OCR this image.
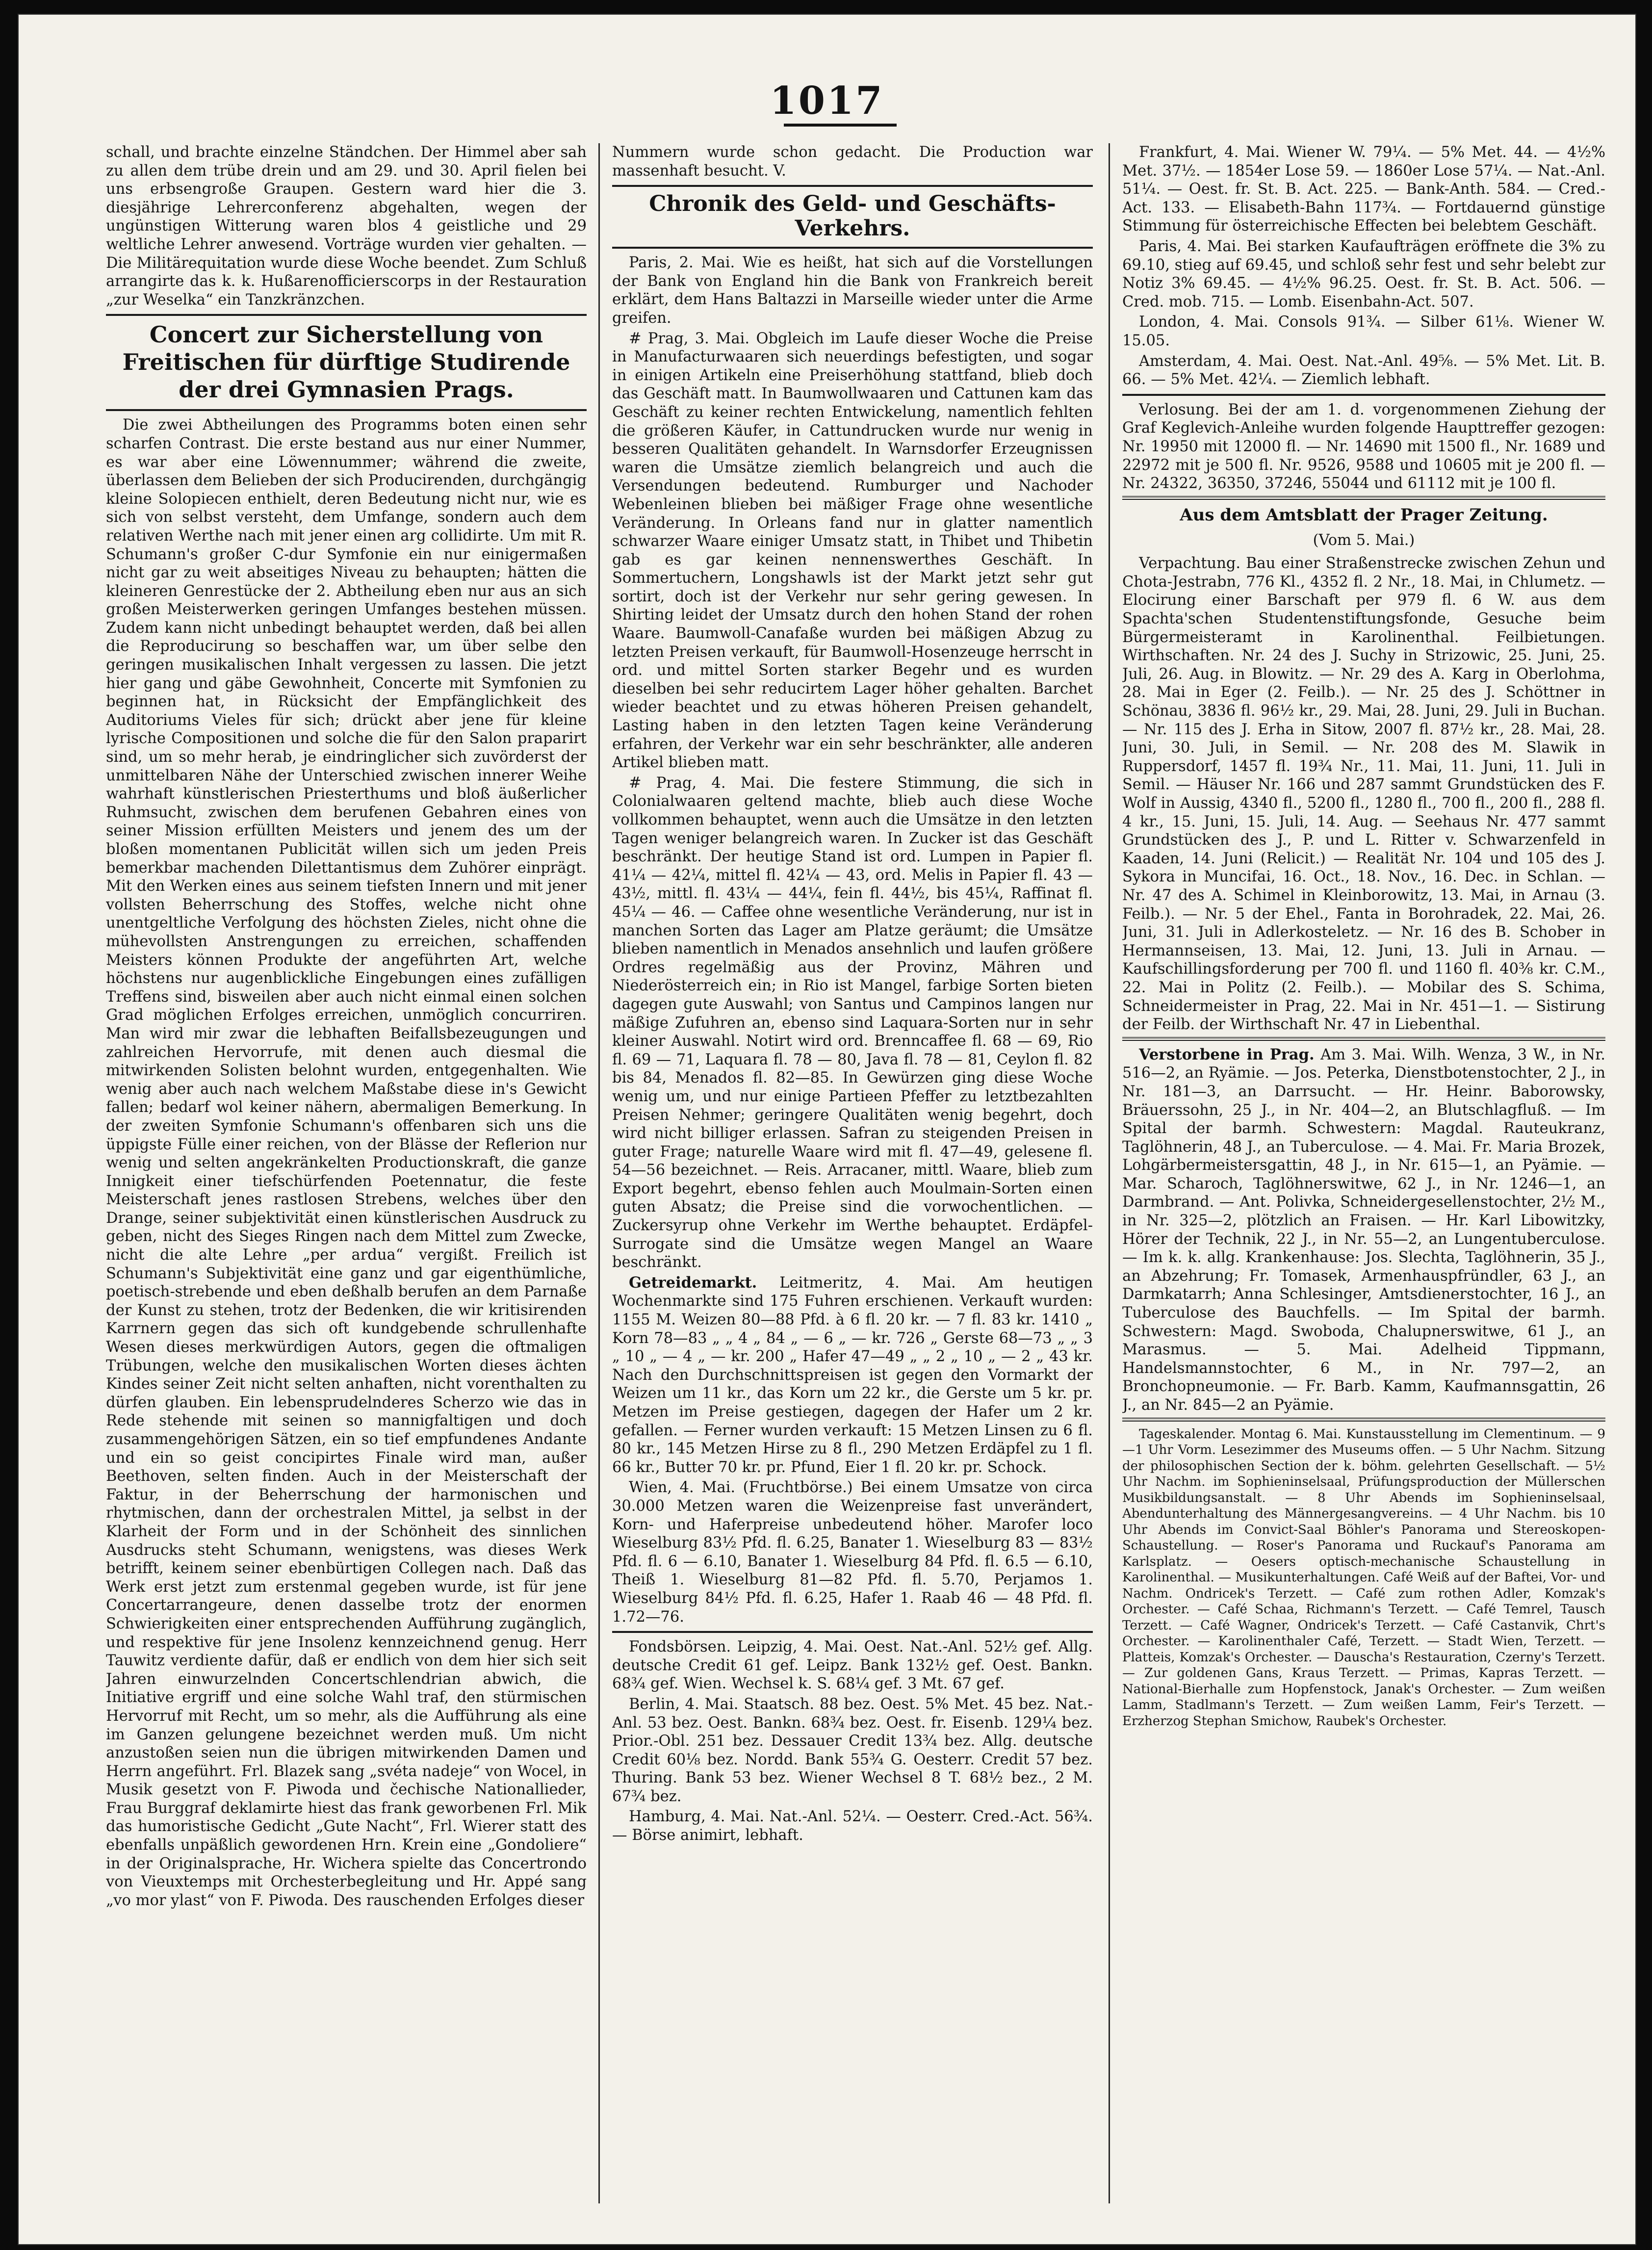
1017

schall, und brachte einzelne Ständchen. Der Himmel aber sah zu allen dem trübe drein und am 29. und 30. April fielen bei uns erbsengroße Graupen. Gestern ward hier die 3. diesjährige Lehrerconferenz abgehalten, wegen der ungünstigen Witterung waren blos 4 geistliche und 29 weltliche Lehrer anwesend. Vorträge wurden vier gehalten. — Die Militärequitation wurde diese Woche beendet. Zum Schluß arrangirte das k. k. Hußarenofficierscorps in der Restauration „zur Weselka“ ein Tanzkränzchen.

Concert zur Sicherstellung von Freitischen für dürftige Studirende der drei Gymnasien Prags.

Die zwei Abtheilungen des Programms boten einen sehr scharfen Contrast. Die erste bestand aus nur einer Nummer, es war aber eine Löwennummer; während die zweite, überlassen dem Belieben der sich Producirenden, durchgängig kleine Solopiecen enthielt, deren Bedeutung nicht nur, wie es sich von selbst versteht, dem Umfange, sondern auch dem relativen Werthe nach mit jener einen arg collidirte. Um mit R. Schumann's großer C-dur Symfonie ein nur einigermaßen nicht gar zu weit abseitiges Niveau zu behaupten; hätten die kleineren Genrestücke der 2. Abtheilung eben nur aus an sich großen Meisterwerken geringen Umfanges bestehen müssen. Zudem kann nicht unbedingt behauptet werden, daß bei allen die Reproducirung so beschaffen war, um über selbe den geringen musikalischen Inhalt vergessen zu lassen. Die jetzt hier gang und gäbe Gewohnheit, Concerte mit Symfonien zu beginnen hat, in Rücksicht der Empfänglichkeit des Auditoriums Vieles für sich; drückt aber jene für kleine lyrische Compositionen und solche die für den Salon praparirt sind, um so mehr herab, je eindringlicher sich zuvörderst der unmittelbaren Nähe der Unterschied zwischen innerer Weihe wahrhaft künstlerischen Priesterthums und bloß äußerlicher Ruhmsucht, zwischen dem berufenen Gebahren eines von seiner Mission erfüllten Meisters und jenem des um der bloßen momentanen Publicität willen sich um jeden Preis bemerkbar machenden Dilettantismus dem Zuhörer einprägt. Mit den Werken eines aus seinem tiefsten Innern und mit jener vollsten Beherrschung des Stoffes, welche nicht ohne unentgeltliche Verfolgung des höchsten Zieles, nicht ohne die mühevollsten Anstrengungen zu erreichen, schaffenden Meisters können Produkte der angeführten Art, welche höchstens nur augenblickliche Eingebungen eines zufälligen Treffens sind, bisweilen aber auch nicht einmal einen solchen Grad möglichen Erfolges erreichen, unmöglich concurriren. Man wird mir zwar die lebhaften Beifallsbezeugungen und zahlreichen Hervorrufe, mit denen auch diesmal die mitwirkenden Solisten belohnt wurden, entgegenhalten. Wie wenig aber auch nach welchem Maßstabe diese in's Gewicht fallen; bedarf wol keiner nähern, abermaligen Bemerkung. In der zweiten Symfonie Schumann's offenbaren sich uns die üppigste Fülle einer reichen, von der Blässe der Reflerion nur wenig und selten angekränkelten Productionskraft, die ganze Innigkeit einer tiefschürfenden Poetennatur, die feste Meisterschaft jenes rastlosen Strebens, welches über den Drange, seiner subjektivität einen künstlerischen Ausdruck zu geben, nicht des Sieges Ringen nach dem Mittel zum Zwecke, nicht die alte Lehre „per ardua“ vergißt. Freilich ist Schumann's Subjektivität eine ganz und gar eigenthümliche, poetisch-strebende und eben deßhalb berufen an dem Parnaße der Kunst zu stehen, trotz der Bedenken, die wir kritisirenden Karrnern gegen das sich oft kundgebende schrullenhafte Wesen dieses merkwürdigen Autors, gegen die oftmaligen Trübungen, welche den musikalischen Worten dieses ächten Kindes seiner Zeit nicht selten anhaften, nicht vorenthalten zu dürfen glauben. Ein lebensprudelnderes Scherzo wie das in Rede stehende mit seinen so mannigfaltigen und doch zusammengehörigen Sätzen, ein so tief empfundenes Andante und ein so geist concipirtes Finale wird man, außer Beethoven, selten finden. Auch in der Meisterschaft der Faktur, in der Beherrschung der harmonischen und rhytmischen, dann der orchestralen Mittel, ja selbst in der Klarheit der Form und in der Schönheit des sinnlichen Ausdrucks steht Schumann, wenigstens, was dieses Werk betrifft, keinem seiner ebenbürtigen Collegen nach. Daß das Werk erst jetzt zum erstenmal gegeben wurde, ist für jene Concertarrangeure, denen dasselbe trotz der enormen Schwierigkeiten einer entsprechenden Aufführung zugänglich, und respektive für jene Insolenz kennzeichnend genug. Herr Tauwitz verdiente dafür, daß er endlich von dem hier sich seit Jahren einwurzelnden Concertschlendrian abwich, die Initiative ergriff und eine solche Wahl traf, den stürmischen Hervorruf mit Recht, um so mehr, als die Aufführung als eine im Ganzen gelungene bezeichnet werden muß. Um nicht anzustoßen seien nun die übrigen mitwirkenden Damen und Herrn angeführt. Frl. Blazek sang „svéta nadeje“ von Wocel, in Musik gesetzt von F. Piwoda und čechische Nationallieder, Frau Burggraf deklamirte hiest das frank geworbenen Frl. Mik das humoristische Gedicht „Gute Nacht“, Frl. Wierer statt des ebenfalls unpäßlich gewordenen Hrn. Krein eine „Gondoliere“ in der Originalsprache, Hr. Wichera spielte das Concertrondo von Vieuxtemps mit Orchesterbegleitung und Hr. Appé sang „vo mor ylast“ von F. Piwoda. Des rauschenden Erfolges dieser

Nummern wurde schon gedacht. Die Production war massenhaft besucht. V.

Chronik des Geld- und Geschäfts-Verkehrs.

Paris, 2. Mai. Wie es heißt, hat sich auf die Vorstellungen der Bank von England hin die Bank von Frankreich bereit erklärt, dem Hans Baltazzi in Marseille wieder unter die Arme greifen.

# Prag, 3. Mai. Obgleich im Laufe dieser Woche die Preise in Manufacturwaaren sich neuerdings befestigten, und sogar in einigen Artikeln eine Preiserhöhung stattfand, blieb doch das Geschäft matt. In Baumwollwaaren und Cattunen kam das Geschäft zu keiner rechten Entwickelung, namentlich fehlten die größeren Käufer, in Cattundrucken wurde nur wenig in besseren Qualitäten gehandelt. In Warnsdorfer Erzeugnissen waren die Umsätze ziemlich belangreich und auch die Versendungen bedeutend. Rumburger und Nachoder Webenleinen blieben bei mäßiger Frage ohne wesentliche Veränderung. In Orleans fand nur in glatter namentlich schwarzer Waare einiger Umsatz statt, in Thibet und Thibetin gab es gar keinen nennenswerthes Geschäft. In Sommertuchern, Longshawls ist der Markt jetzt sehr gut sortirt, doch ist der Verkehr nur sehr gering gewesen. In Shirting leidet der Umsatz durch den hohen Stand der rohen Waare. Baumwoll-Canafaße wurden bei mäßigen Abzug zu letzten Preisen verkauft, für Baumwoll-Hosenzeuge herrscht in ord. und mittel Sorten starker Begehr und es wurden dieselben bei sehr reducirtem Lager höher gehalten. Barchet wieder beachtet und zu etwas höheren Preisen gehandelt, Lasting haben in den letzten Tagen keine Veränderung erfahren, der Verkehr war ein sehr beschränkter, alle anderen Artikel blieben matt.

# Prag, 4. Mai. Die festere Stimmung, die sich in Colonialwaaren geltend machte, blieb auch diese Woche vollkommen behauptet, wenn auch die Umsätze in den letzten Tagen weniger belangreich waren. In Zucker ist das Geschäft beschränkt. Der heutige Stand ist ord. Lumpen in Papier fl. 41¼ — 42¼, mittel fl. 42¼ — 43, ord. Melis in Papier fl. 43 — 43½, mittl. fl. 43¼ — 44¼, fein fl. 44½, bis 45¼, Raffinat fl. 45¼ — 46. — Caffee ohne wesentliche Veränderung, nur ist in manchen Sorten das Lager am Platze geräumt; die Umsätze blieben namentlich in Menados ansehnlich und laufen größere Ordres regelmäßig aus der Provinz, Mähren und Niederösterreich ein; in Rio ist Mangel, farbige Sorten bieten dagegen gute Auswahl; von Santus und Campinos langen nur mäßige Zufuhren an, ebenso sind Laquara-Sorten nur in sehr kleiner Auswahl. Notirt wird ord. Brenncaffee fl. 68 — 69, Rio fl. 69 — 71, Laquara fl. 78 — 80, Java fl. 78 — 81, Ceylon fl. 82 bis 84, Menados fl. 82—85. In Gewürzen ging diese Woche wenig um, und nur einige Partieen Pfeffer zu letztbezahlten Preisen Nehmer; geringere Qualitäten wenig begehrt, doch wird nicht billiger erlassen. Safran zu steigenden Preisen in guter Frage; naturelle Waare wird mit fl. 47—49, gelesene fl. 54—56 bezeichnet. — Reis. Arracaner, mittl. Waare, blieb zum Export begehrt, ebenso fehlen auch Moulmain-Sorten einen guten Absatz; die Preise sind die vorwochentlichen. — Zuckersyrup ohne Verkehr im Werthe behauptet. Erdäpfel-Surrogate sind die Umsätze wegen Mangel an Waare beschränkt.

Getreidemarkt. Leitmeritz, 4. Mai. Am heutigen Wochenmarkte sind 175 Fuhren erschienen. Verkauft wurden: 1155 M. Weizen 80—88 Pfd. à 6 fl. 20 kr. — 7 fl. 83 kr. 1410 „ Korn 78—83 „ „ 4 „ 84 „ — 6 „ — kr. 726 „ Gerste 68—73 „ „ 3 „ 10 „ — 4 „ — kr. 200 „ Hafer 47—49 „ „ 2 „ 10 „ — 2 „ 43 kr. Nach den Durchschnittspreisen ist gegen den Vormarkt der Weizen um 11 kr., das Korn um 22 kr., die Gerste um 5 kr. pr. Metzen im Preise gestiegen, dagegen der Hafer um 2 kr. gefallen. — Ferner wurden verkauft: 15 Metzen Linsen zu 6 fl. 80 kr., 145 Metzen Hirse zu 8 fl., 290 Metzen Erdäpfel zu 1 fl. 66 kr., Butter 70 kr. pr. Pfund, Eier 1 fl. 20 kr. pr. Schock.

Wien, 4. Mai. (Fruchtbörse.) Bei einem Umsatze von circa 30.000 Metzen waren die Weizenpreise fast unverändert, Korn- und Haferpreise unbedeutend höher. Marofer loco Wieselburg 83½ Pfd. fl. 6.25, Banater 1. Wieselburg 83 — 83½ Pfd. fl. 6 — 6.10, Banater 1. Wieselburg 84 Pfd. fl. 6.5 — 6.10, Theiß 1. Wieselburg 81—82 Pfd. fl. 5.70, Perjamos 1. Wieselburg 84½ Pfd. fl. 6.25, Hafer 1. Raab 46 — 48 Pfd. fl. 1.72—76.

Fondsbörsen. Leipzig, 4. Mai. Oest. Nat.-Anl. 52½ gef. Allg. deutsche Credit 61 gef. Leipz. Bank 132½ gef. Oest. Bankn. 68¾ gef. Wien. Wechsel k. S. 68¼ gef. 3 Mt. 67 gef.

Berlin, 4. Mai. Staatsch. 88 bez. Oest. 5% Met. 45 bez. Nat.-Anl. 53 bez. Oest. Bankn. 68¾ bez. Oest. fr. Eisenb. 129¼ bez. Prior.-Obl. 251 bez. Dessauer Credit 13¾ bez. Allg. deutsche Credit 60⅛ bez. Nordd. Bank 55¾ G. Oesterr. Credit 57 bez. Thuring. Bank 53 bez. Wiener Wechsel 8 T. 68½ bez., 2 M. 67¾ bez.

Hamburg, 4. Mai. Nat.-Anl. 52¼. — Oesterr. Cred.-Act. 56¾. — Börse animirt, lebhaft.

Frankfurt, 4. Mai. Wiener W. 79¼. — 5% Met. 44. — 4½% Met. 37½. — 1854er Lose 59. — 1860er Lose 57¼. — Nat.-Anl. 51¼. — Oest. fr. St. B. Act. 225. — Bank-Anth. 584. — Cred.-Act. 133. — Elisabeth-Bahn 117¾. — Fortdauernd günstige Stimmung für österreichische Effecten bei belebtem Geschäft.

Paris, 4. Mai. Bei starken Kaufaufträgen eröffnete die 3% zu 69.10, stieg auf 69.45, und schloß sehr fest und sehr belebt zur Notiz 3% 69.45. — 4½% 96.25. Oest. fr. St. B. Act. 506. — Cred. mob. 715. — Lomb. Eisenbahn-Act. 507.

London, 4. Mai. Consols 91¾. — Silber 61⅛. Wiener W. 15.05.

Amsterdam, 4. Mai. Oest. Nat.-Anl. 49⅝. — 5% Met. Lit. B. 66. — 5% Met. 42¼. — Ziemlich lebhaft.

Verlosung. Bei der am 1. d. vorgenommenen Ziehung der Graf Keglevich-Anleihe wurden folgende Haupttreffer gezogen: Nr. 19950 mit 12000 fl. — Nr. 14690 mit 1500 fl., Nr. 1689 und 22972 mit je 500 fl. Nr. 9526, 9588 und 10605 mit je 200 fl. — Nr. 24322, 36350, 37246, 55044 und 61112 mit je 100 fl.

Aus dem Amtsblatt der Prager Zeitung.
(Vom 5. Mai.)

Verpachtung. Bau einer Straßenstrecke zwischen Zehun und Chota-Jestrabn, 776 Kl., 4352 fl. 2 Nr., 18. Mai, in Chlumetz. — Elocirung einer Barschaft per 979 fl. 6 W. aus dem Spachta'schen Studentenstiftungsfonde, Gesuche beim Bürgermeisteramt in Karolinenthal. Feilbietungen. Wirthschaften. Nr. 24 des J. Suchy in Strizowic, 25. Juni, 25. Juli, 26. Aug. in Blowitz. — Nr. 29 des A. Karg in Oberlohma, 28. Mai in Eger (2. Feilb.). — Nr. 25 des J. Schöttner in Schönau, 3836 fl. 96½ kr., 29. Mai, 28. Juni, 29. Juli in Buchan. — Nr. 115 des J. Erha in Sitow, 2007 fl. 87½ kr., 28. Mai, 28. Juni, 30. Juli, in Semil. — Nr. 208 des M. Slawik in Ruppersdorf, 1457 fl. 19¾ Nr., 11. Mai, 11. Juni, 11. Juli in Semil. — Häuser Nr. 166 und 287 sammt Grundstücken des F. Wolf in Aussig, 4340 fl., 5200 fl., 1280 fl., 700 fl., 200 fl., 288 fl. 4 kr., 15. Juni, 15. Juli, 14. Aug. — Seehaus Nr. 477 sammt Grundstücken des J., P. und L. Ritter v. Schwarzenfeld in Kaaden, 14. Juni (Relicit.) — Realität Nr. 104 und 105 des J. Sykora in Muncifai, 16. Oct., 18. Nov., 16. Dec. in Schlan. — Nr. 47 des A. Schimel in Kleinborowitz, 13. Mai, in Arnau (3. Feilb.). — Nr. 5 der Ehel., Fanta in Borohradek, 22. Mai, 26. Juni, 31. Juli in Adlerkosteletz. — Nr. 16 des B. Schober in Hermannseisen, 13. Mai, 12. Juni, 13. Juli in Arnau. — Kaufschillingsforderung per 700 fl. und 1160 fl. 40⅜ kr. C.M., 22. Mai in Politz (2. Feilb.). — Mobilar des S. Schima, Schneidermeister in Prag, 22. Mai in Nr. 451—1. — Sistirung der Feilb. der Wirthschaft Nr. 47 in Liebenthal.

Verstorbene in Prag. Am 3. Mai. Wilh. Wenza, 3 W., in Nr. 516—2, an Ryämie. — Jos. Peterka, Dienstbotenstochter, 2 J., in Nr. 181—3, an Darrsucht. — Hr. Heinr. Baborowsky, Bräuerssohn, 25 J., in Nr. 404—2, an Blutschlagfluß. — Im Spital der barmh. Schwestern: Magdal. Rauteukranz, Taglöhnerin, 48 J., an Tuberculose. — 4. Mai. Fr. Maria Brozek, Lohgärbermeistersgattin, 48 J., in Nr. 615—1, an Pyämie. — Mar. Scharoch, Taglöhnerswitwe, 62 J., in Nr. 1246—1, an Darmbrand. — Ant. Polivka, Schneidergesellenstochter, 2½ M., in Nr. 325—2, plötzlich an Fraisen. — Hr. Karl Libowitzky, Hörer der Technik, 22 J., in Nr. 55—2, an Lungentuberculose. — Im k. k. allg. Krankenhause: Jos. Slechta, Taglöhnerin, 35 J., an Abzehrung; Fr. Tomasek, Armenhauspfründler, 63 J., an Darmkatarrh; Anna Schlesinger, Amtsdienerstochter, 16 J., an Tuberculose des Bauchfells. — Im Spital der barmh. Schwestern: Magd. Swoboda, Chalupnerswitwe, 61 J., an Marasmus. — 5. Mai. Adelheid Tippmann, Handelsmannstochter, 6 M., in Nr. 797—2, an Bronchopneumonie. — Fr. Barb. Kamm, Kaufmannsgattin, 26 J., an Nr. 845—2 an Pyämie.

Tageskalender. Montag 6. Mai. Kunstausstellung im Clementinum. — 9—1 Uhr Vorm. Lesezimmer des Museums offen. — 5 Uhr Nachm. Sitzung der philosophischen Section der k. böhm. gelehrten Gesellschaft. — 5½ Uhr Nachm. im Sophieninselsaal, Prüfungsproduction der Müllerschen Musikbildungsanstalt. — 8 Uhr Abends im Sophieninselsaal, Abendunterhaltung des Männergesangvereins. — 4 Uhr Nachm. bis 10 Uhr Abends im Convict-Saal Böhler's Panorama und Stereoskopen-Schaustellung. — Roser's Panorama und Ruckauf's Panorama am Karlsplatz. — Oesers optisch-mechanische Schaustellung in Karolinenthal. — Musikunterhaltungen. Café Weiß auf der Baftei, Vor- und Nachm. Ondricek's Terzett. — Café zum rothen Adler, Komzak's Orchester. — Café Schaa, Richmann's Terzett. — Café Temrel, Tausch Terzett. — Café Wagner, Ondricek's Terzett. — Café Castanvik, Chrt's Orchester. — Karolinenthaler Café, Terzett. — Stadt Wien, Terzett. — Platteis, Komzak's Orchester. — Dauscha's Restauration, Czerny's Terzett. — Zur goldenen Gans, Kraus Terzett. — Primas, Kapras Terzett. — National-Bierhalle zum Hopfenstock, Janak's Orchester. — Zum weißen Lamm, Stadlmann's Terzett. — Zum weißen Lamm, Feir's Terzett. — Erzherzog Stephan Smichow, Raubek's Orchester.
